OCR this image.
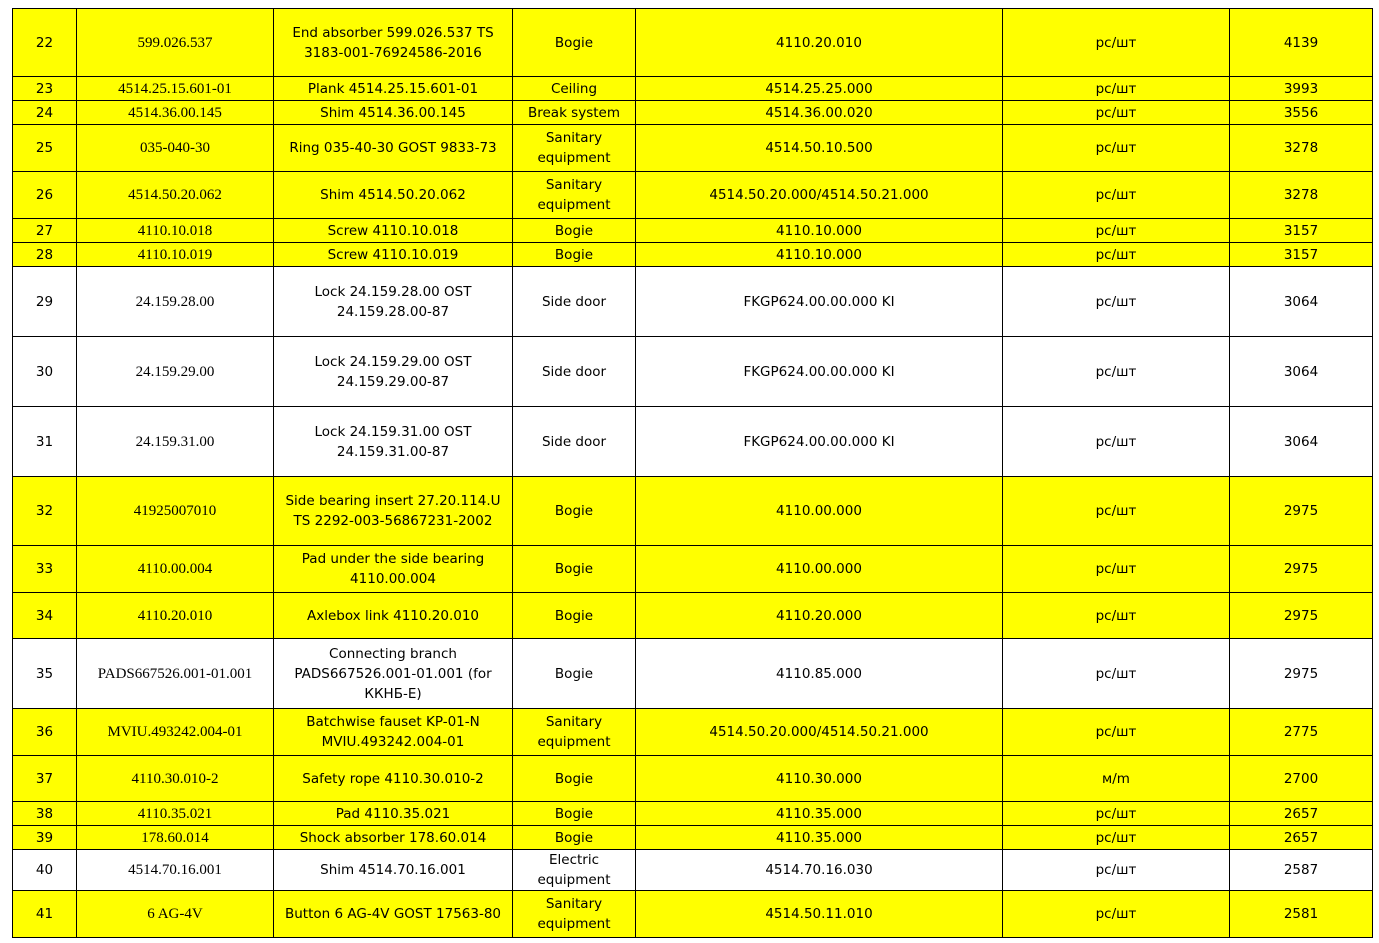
22	599.026.537	End absorber 599.026.537 TS 3183-001-76924586-2016	Bogie	4110.20.010	pc/шт	4139
23	4514.25.15.601-01	Plank 4514.25.15.601-01	Ceiling	4514.25.25.000	pc/шт	3993
24	4514.36.00.145	Shim 4514.36.00.145	Break system	4514.36.00.020	pc/шт	3556
25	035-040-30	Ring 035-40-30 GOST 9833-73	Sanitary equipment	4514.50.10.500	pc/шт	3278
26	4514.50.20.062	Shim 4514.50.20.062	Sanitary equipment	4514.50.20.000/4514.50.21.000	pc/шт	3278
27	4110.10.018	Screw 4110.10.018	Bogie	4110.10.000	pc/шт	3157
28	4110.10.019	Screw 4110.10.019	Bogie	4110.10.000	pc/шт	3157
29	24.159.28.00	Lock 24.159.28.00 OST 24.159.28.00-87	Side door	FKGP624.00.00.000 KI	pc/шт	3064
30	24.159.29.00	Lock 24.159.29.00 OST 24.159.29.00-87	Side door	FKGP624.00.00.000 KI	pc/шт	3064
31	24.159.31.00	Lock 24.159.31.00 OST 24.159.31.00-87	Side door	FKGP624.00.00.000 KI	pc/шт	3064
32	41925007010	Side bearing insert 27.20.114.U TS 2292-003-56867231-2002	Bogie	4110.00.000	pc/шт	2975
33	4110.00.004	Pad under the side bearing 4110.00.004	Bogie	4110.00.000	pc/шт	2975
34	4110.20.010	Axlebox link 4110.20.010	Bogie	4110.20.000	pc/шт	2975
35	PADS667526.001-01.001	Connecting branch PADS667526.001-01.001 (for ККНБ-Е)	Bogie	4110.85.000	pc/шт	2975
36	MVIU.493242.004-01	Batchwise fauset KP-01-N MVIU.493242.004-01	Sanitary equipment	4514.50.20.000/4514.50.21.000	pc/шт	2775
37	4110.30.010-2	Safety rope 4110.30.010-2	Bogie	4110.30.000	м/m	2700
38	4110.35.021	Pad 4110.35.021	Bogie	4110.35.000	pc/шт	2657
39	178.60.014	Shock absorber 178.60.014	Bogie	4110.35.000	pc/шт	2657
40	4514.70.16.001	Shim 4514.70.16.001	Electric equipment	4514.70.16.030	pc/шт	2587
41	6 AG-4V	Button 6 AG-4V GOST 17563-80	Sanitary equipment	4514.50.11.010	pc/шт	2581
